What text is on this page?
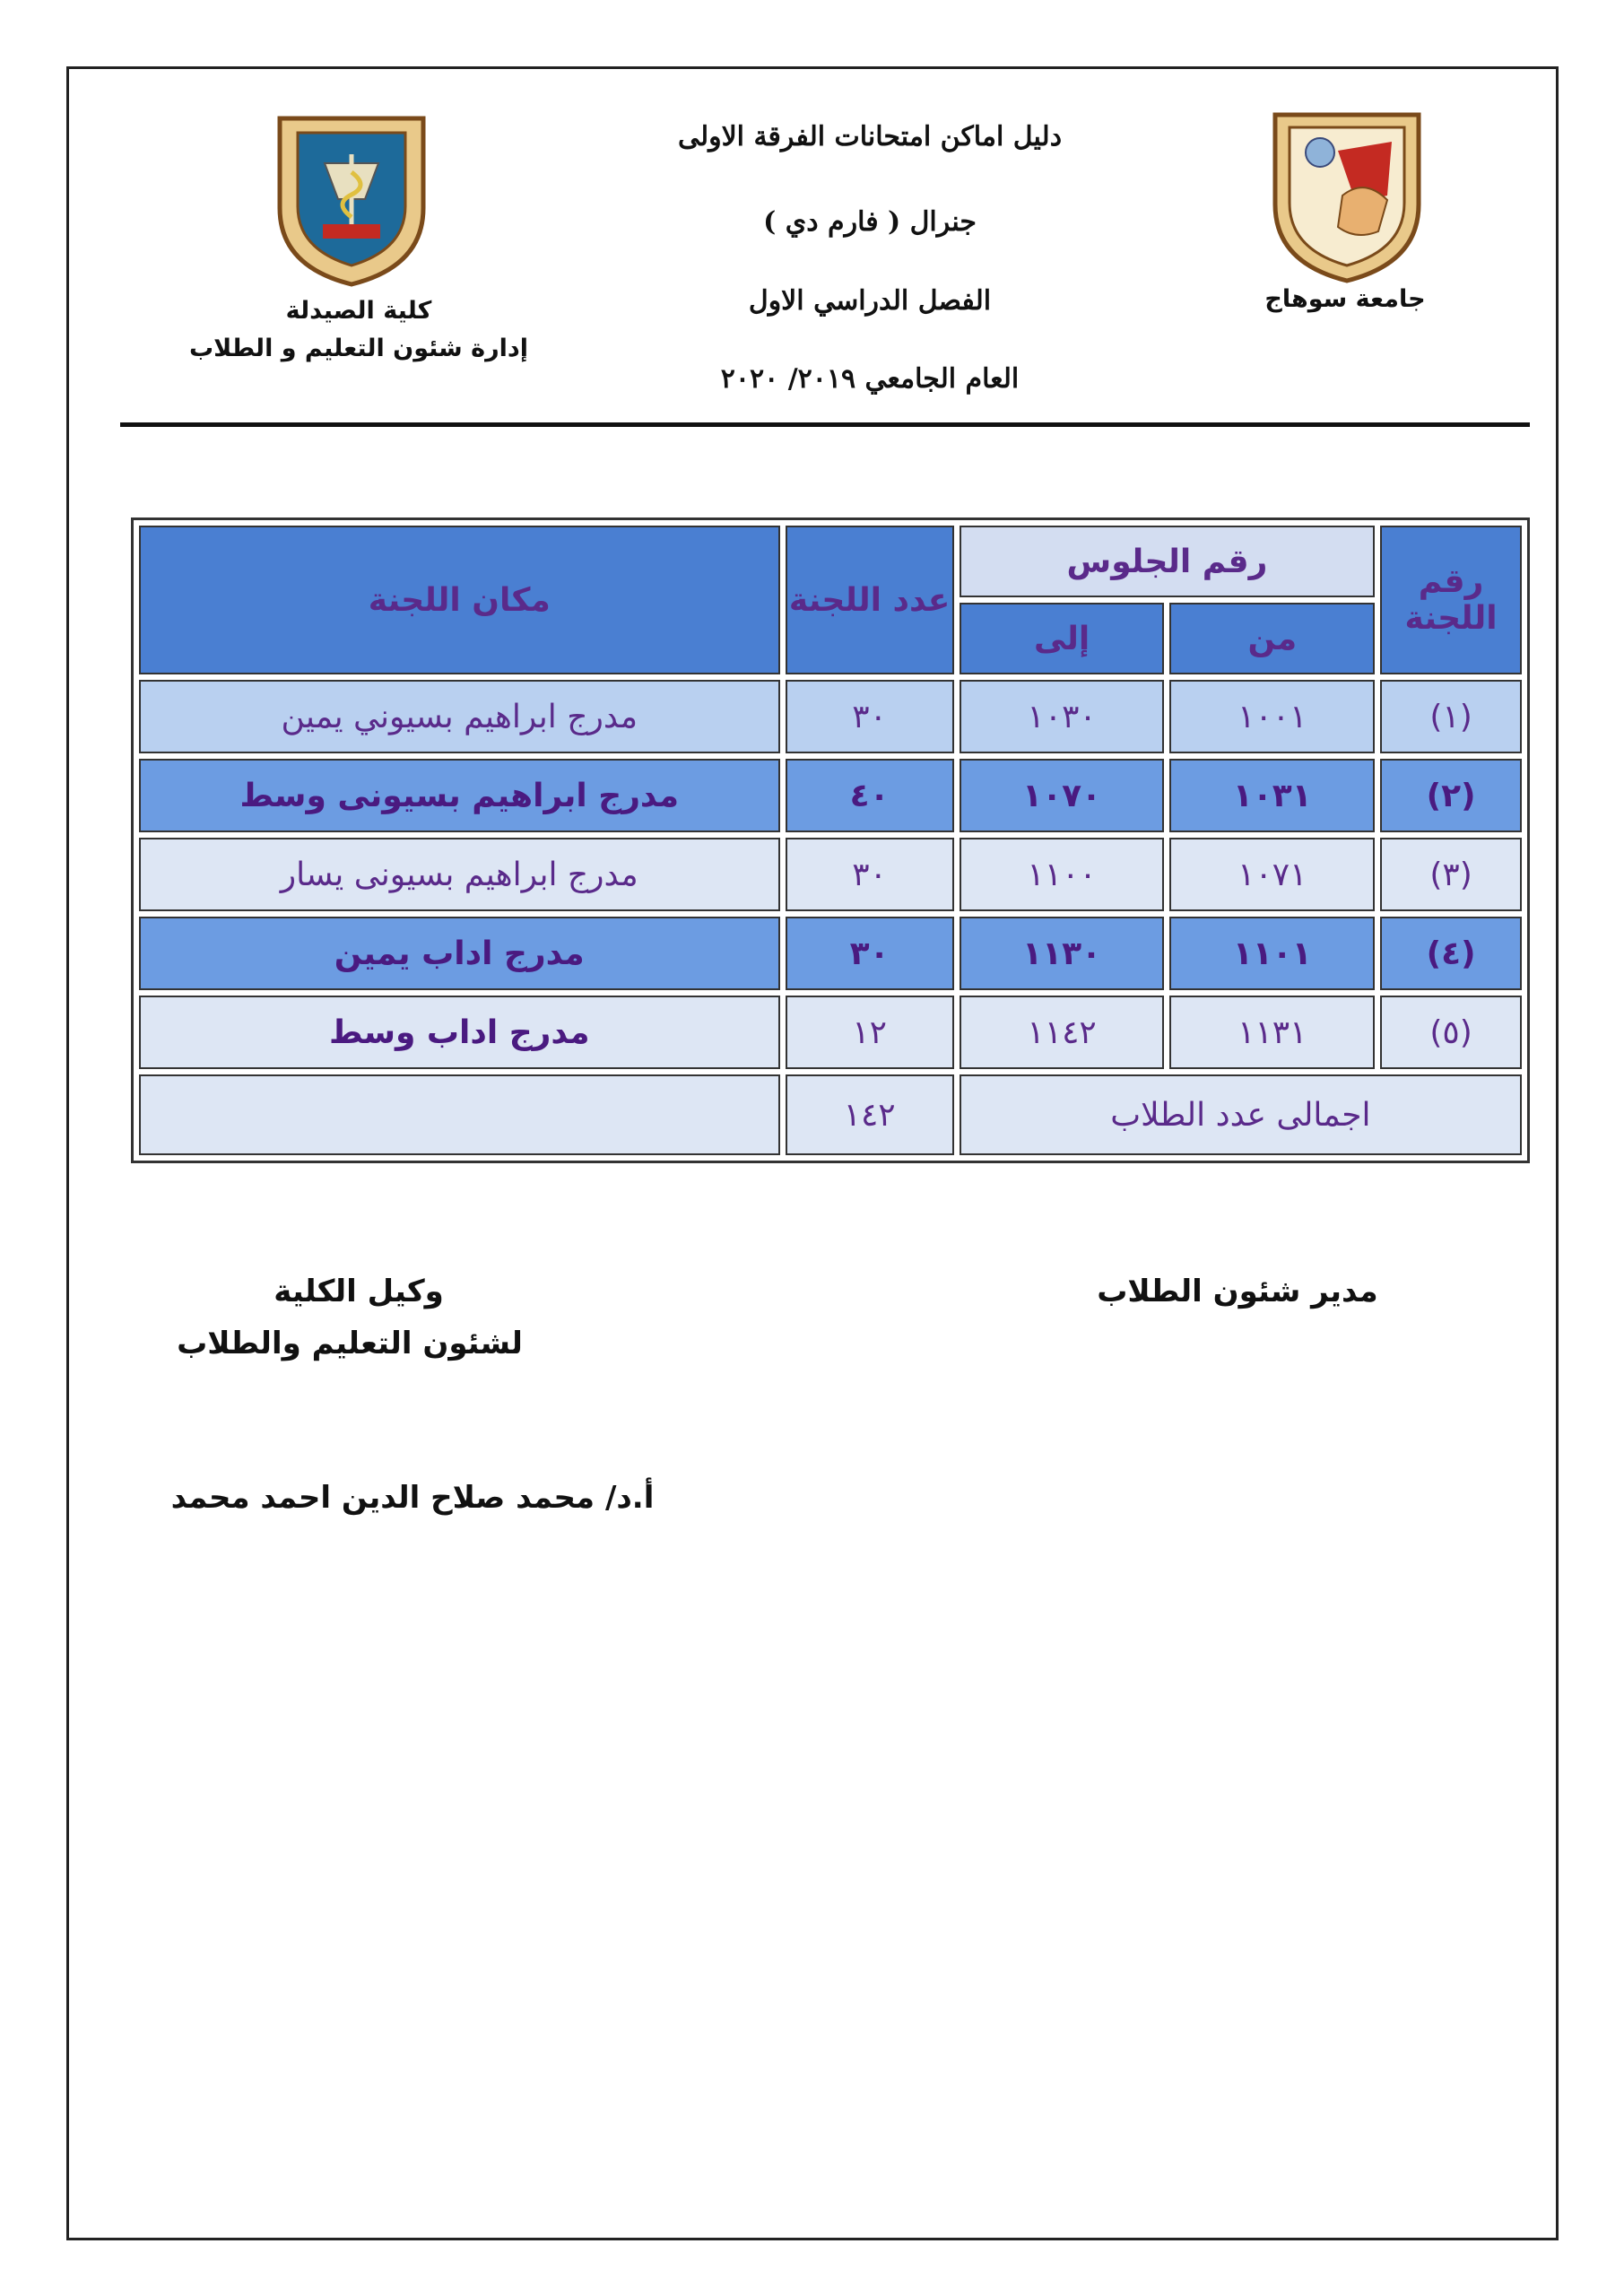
جامعة سوهاج
كلية الصيدلة
إدارة شئون التعليم و الطلاب
دليل اماكن امتحانات الفرقة الاولى
جنرال ( فارم دي )
الفصل الدراسي الاول
العام الجامعي ٢٠١٩/ ٢٠٢٠
رقم اللجنة	رقم الجلوس		عدد اللجنة	مكان اللجنة
	من	إلى		
(١)	١٠٠١	١٠٣٠	٣٠	مدرج ابراهيم بسيوني يمين
(٢)	١٠٣١	١٠٧٠	٤٠	مدرج ابراهيم بسيونى وسط
(٣)	١٠٧١	١١٠٠	٣٠	مدرج ابراهيم بسيونى يسار
(٤)	١١٠١	١١٣٠	٣٠	مدرج اداب يمين
(٥)	١١٣١	١١٤٢	١٢	مدرج اداب وسط
اجمالى عدد الطلاب			١٤٢	
مدير شئون الطلاب
وكيل الكلية
لشئون التعليم والطلاب
أ.د/ محمد صلاح الدين احمد محمد
